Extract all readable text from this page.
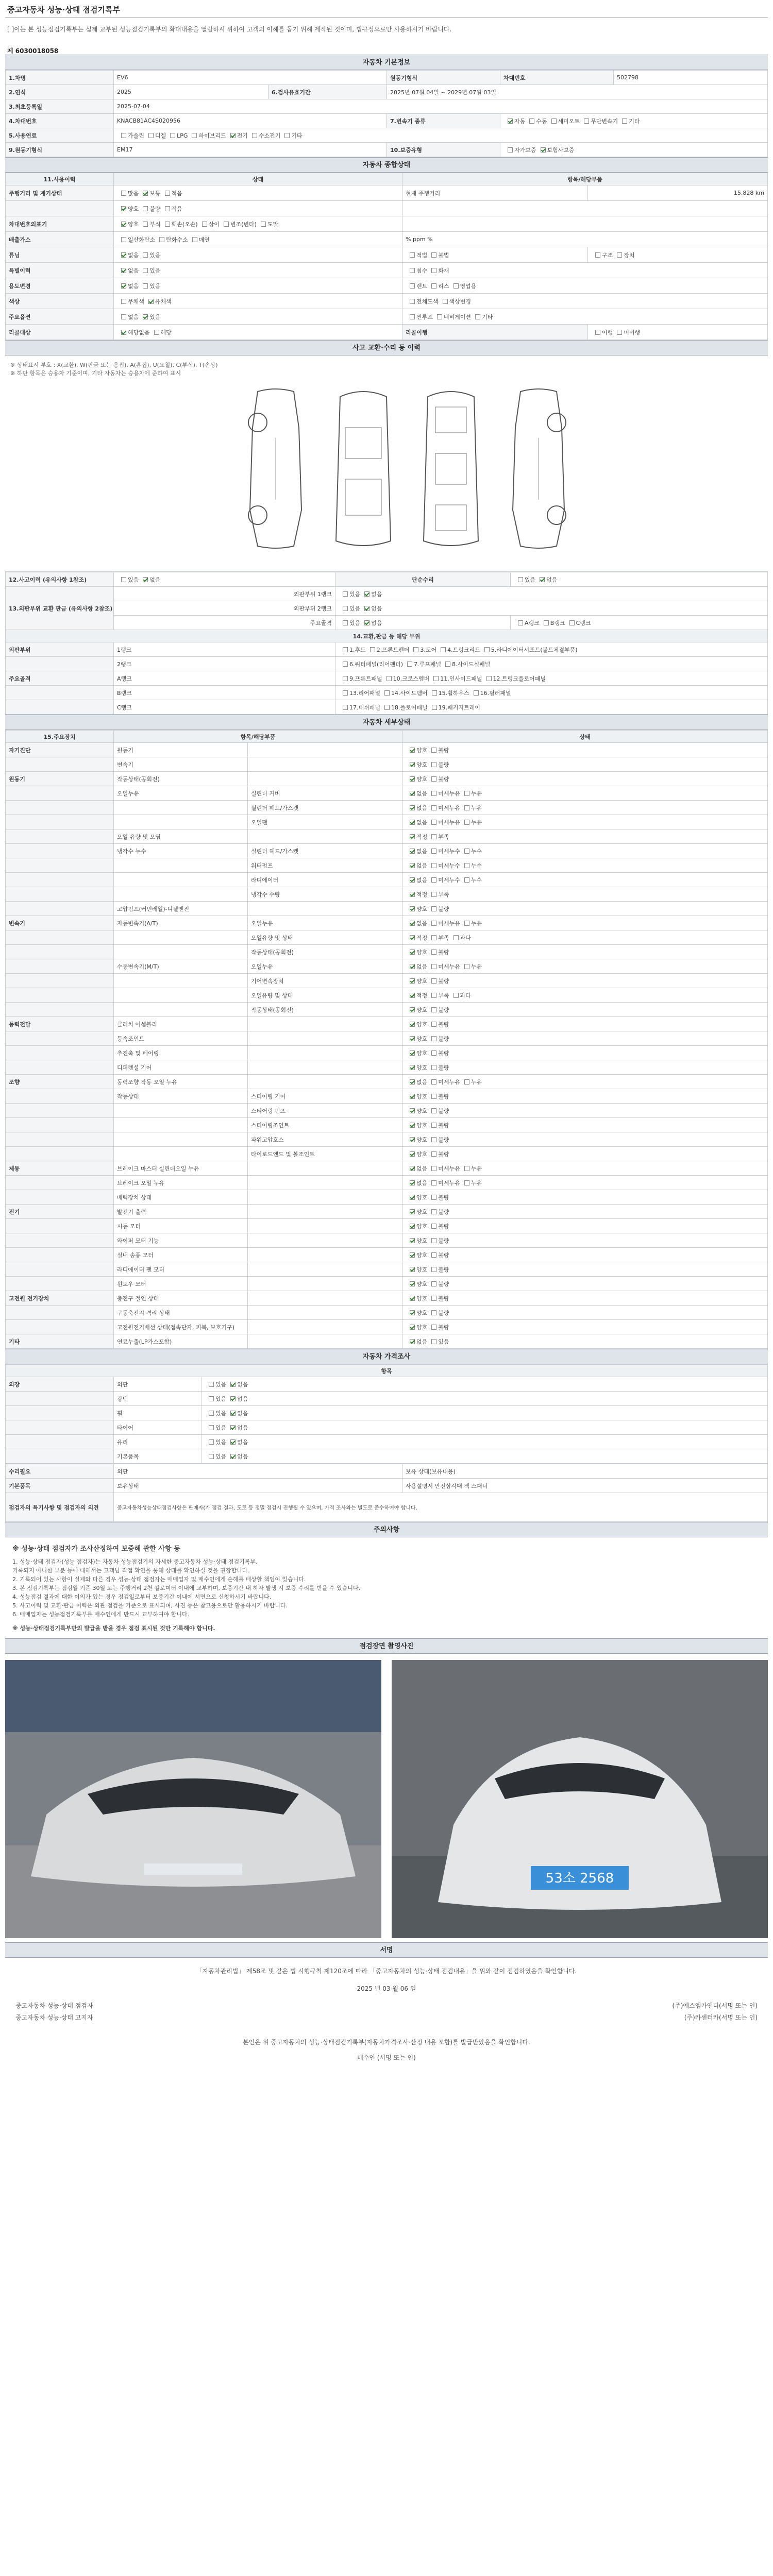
중고자동차 성능·상태 점검기록부
[ ]이는 본 성능점검기록부는 실제 교부된 성능점검기록부의 확대내용을 열람하시 위하여 고객의 이해를 돕기 위해 제작된 것이며, 법규정으로만 사용하시기 바랍니다.
제 6030018058
자동차 기본정보
1.차명	EV6		원동기형식	차대번호	502798
2.연식	2025	6.검사유효기간	2025년 07월 04일 ~ 2029년 07월 03일		
3.최초등록일	2025-07-04				
4.차대번호	KNACB81AC4S020956		7.변속기 종류	자동 수동 세미오토 무단변속기 기타	
5.사용연료	가솔린 디젤 LPG 하이브리드 전기 수소전기 기타				
9.원동기형식	EM17		10.보증유형	자가보증 보험사보증	
자동차 종합상태
11.사용이력	상태	항목/해당부품	
주행거리 및 계기상태	많음 보통 적음	현재 주행거리	15,828 km
	양호 불량 적음		
차대번호의표기	양호 부식 훼손(오손) 상이 변조(변타) 도말		
배출가스	일산화탄소 탄화수소 매연	% ppm %	
튜닝	없음 있음	적법 불법	구조 장치
특별이력	없음 있음	침수 화재	
용도변경	없음 있음	렌트 리스 영업용	
색상	무채색 유채색	전체도색 색상변경	
주요옵션	없음 있음	썬루프 네비게이션 기타	
리콜대상	해당없음 해당	리콜이행	이행 미이행
사고 교환·수리 등 이력
※ 상태표시 부호 : X(교환), W(판금 또는 용접), A(흠집), U(요철), C(부식), T(손상)
※ 하단 항목은 승용차 기준이며, 기타 자동차는 승용차에 준하여 표시
12.사고이력 (유의사항 1참조)	있음 없음	단순수리	있음 없음
13.외판부위 교환 판금 (유의사항 2참조)	외판부위 1랭크	있음 없음	
	외판부위 2랭크	있음 없음	
	주요골격	있음 없음	A랭크 B랭크 C랭크
14.교환,판금 등 해당 부위			
외판부위	1랭크	1.후드 2.프론트펜더 3.도어 4.트렁크리드 5.라디에이터서포트(볼트체결부품)	
	2랭크	6.쿼터패널(리어펜더) 7.루프패널 8.사이드실패널	
주요골격	A랭크	9.프론트패널 10.크로스멤버 11.인사이드패널 12.트렁크플로어패널	
	B랭크	13.리어패널 14.사이드멤버 15.휠하우스 16.필러패널	
	C랭크	17.대쉬패널 18.플로어패널 19.패키지트레이	
자동차 세부상태
15.주요장치	항목/해당부품		상태
자기진단	원동기		양호 불량
	변속기		양호 불량
원동기	작동상태(공회전)		양호 불량
	오일누유	실린더 커버	없음 미세누유 누유
		실린더 헤드/가스켓	없음 미세누유 누유
		오일팬	없음 미세누유 누유
	오일 유량 및 오염		적정 부족
	냉각수 누수	실린더 헤드/가스켓	없음 미세누수 누수
		워터펌프	없음 미세누수 누수
		라디에이터	없음 미세누수 누수
		냉각수 수량	적정 부족
	고압펌프(커먼레일)-디젤엔진		양호 불량
변속기	자동변속기(A/T)	오일누유	없음 미세누유 누유
		오일유량 및 상태	적정 부족 과다
		작동상태(공회전)	양호 불량
	수동변속기(M/T)	오일누유	없음 미세누유 누유
		기어변속장치	양호 불량
		오일유량 및 상태	적정 부족 과다
		작동상태(공회전)	양호 불량
동력전달	클러치 어셈블리		양호 불량
	등속조인트		양호 불량
	추진축 및 베어링		양호 불량
	디퍼렌셜 기어		양호 불량
조향	동력조향 작동 오일 누유		없음 미세누유 누유
	작동상태	스티어링 기어	양호 불량
		스티어링 펌프	양호 불량
		스티어링조인트	양호 불량
		파워고압호스	양호 불량
		타이로드엔드 및 볼조인트	양호 불량
제동	브레이크 마스터 실린더오일 누유		없음 미세누유 누유
	브레이크 오일 누유		없음 미세누유 누유
	배력장치 상태		양호 불량
전기	발전기 출력		양호 불량
	시동 모터		양호 불량
	와이퍼 모터 기능		양호 불량
	실내 송풍 모터		양호 불량
	라디에이터 팬 모터		양호 불량
	윈도우 모터		양호 불량
고전원 전기장치	충전구 절연 상태		양호 불량
	구동축전지 격리 상태		양호 불량
	고전원전기배선 상태(접속단자, 피복, 보호기구)		양호 불량
기타	연료누출(LP가스포함)		없음 있음
자동차 가격조사
항목		
외장	외판	있음 없음
	광택	있음 없음
	휠	있음 없음
	타이어	있음 없음
	유리	있음 없음
	기본품목	있음 없음
수리필요	외판	보유 상태(보유내용)
기본품목	보유상태	사용설명서 안전삼각대 잭 스패너
점검자의 특기사항 및 점검자의 의견	중고자동차성능상태점검사항은 판매자(가 점검 결과, 도로 등 정밀 점검시 진행될 수 있으며, 가격 조사와는 별도로 준수하여야 합니다.	
주의사항

※ 성능·상태 점검자가 조사산정하여 보증해 관한 사항 등

1. 성능·상태 점검자(성능 점검자)는 자동차 성능점검기의 자세한 중고자동차 성능·상태 점검기록부.

기록되지 아니한 부분 등에 대해서는 고객님 직접 확인을 통해 상태를 확인하실 것을 권장합니다.

2. 기록되어 있는 사항이 실제와 다른 경우 성능·상태 점검자는 매매업자 및 매수인에게 손해를 배상할 책임이 있습니다.

3. 본 점검기록부는 점검일 기준 30일 또는 주행거리 2천 킬로미터 이내에 교부하며, 보증기간 내 하자 발생 시 보증 수리를 받을 수 있습니다.

4. 성능점검 결과에 대한 이의가 있는 경우 점검일로부터 보증기간 이내에 서면으로 신청하시기 바랍니다.

5. 사고이력 및 교환·판금 이력은 외관 점검을 기준으로 표시되며, 사진 등은 참고용으로만 활용하시기 바랍니다.

6. 매매업자는 성능점검기록부를 매수인에게 반드시 교부하여야 합니다.

※ 성능·상태점검기록부만의 발급을 받을 경우 점검 표시된 것만 기록해야 합니다.

점검장면 촬영사진
53소 2568
서명

「자동차관리법」 제58조 및 같은 법 시행규칙 제120조에 따라 「중고자동차의 성능·상태 점검내용」을 위와 같이 점검하였음을 확인합니다.

2025 년 03 월 06 일

중고자동차 성능·상태 점검자	(주)에스엠카앤디(서명 또는 인)
중고자동차 성능·상태 고지자	(주)카센터카(서명 또는 인)

본인은 위 중고자동차의 성능·상태점검기록부(자동차가격조사·산정 내용 포함)를 발급받았음을 확인합니다.

매수인 (서명 또는 인)
